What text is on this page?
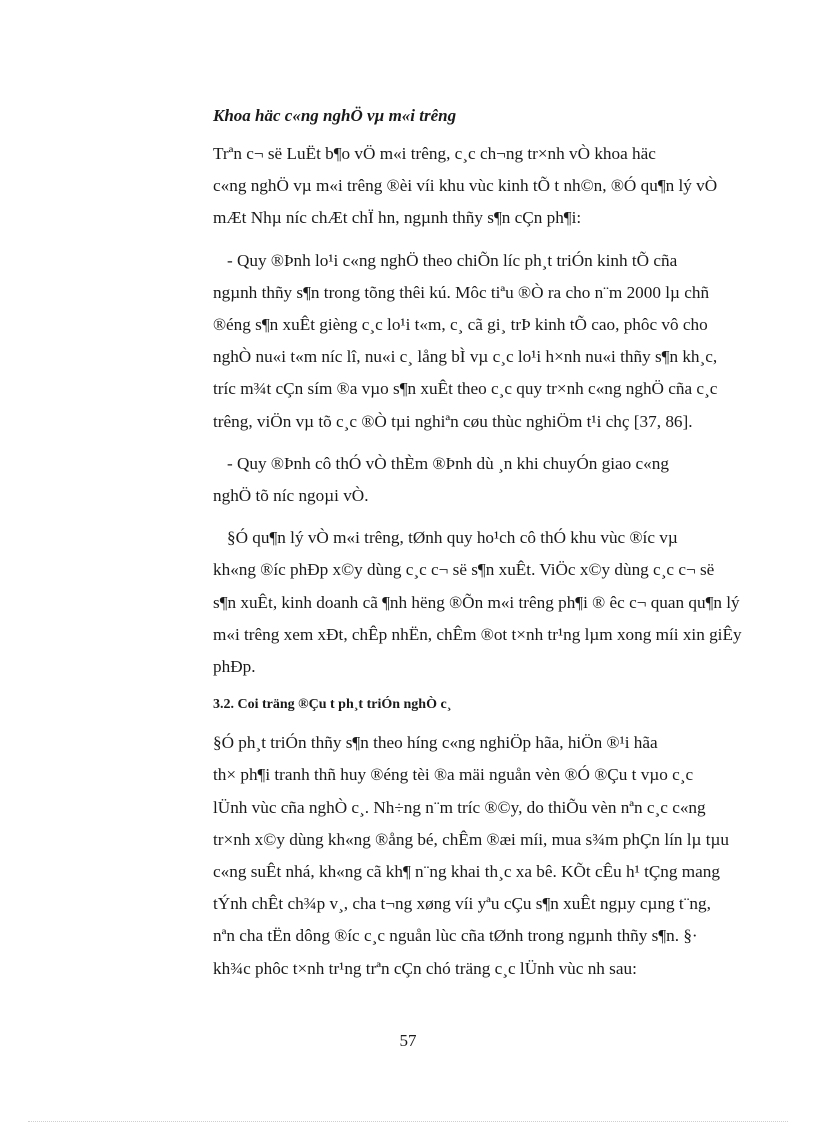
Khoa häc c«ng nghÖ vµ m«i trêng

Trªn c¬ së LuËt b¶o vÖ m«i trêng, c¸c ch¬ng tr×nh vÒ khoa häc
c«ng nghÖ vµ m«i trêng ®èi víi khu vùc kinh tÕ t nh©n, ®Ó qu¶n lý vÒ
mÆt Nhµ níc chÆt chÏ hn, ngµnh thñy s¶n cÇn ph¶i:

- Quy ®Þnh lo¹i c«ng nghÖ theo chiÕn líc ph¸t triÓn kinh tÕ cña
ngµnh thñy s¶n trong tõng thêi kú. Môc tiªu ®Ò ra cho n¨m 2000 lµ chñ
®éng s¶n xuÊt gièng c¸c lo¹i t«m, c¸ cã gi¸ trÞ kinh tÕ cao, phôc vô cho
nghÒ nu«i t«m níc lî, nu«i c¸ lång bÌ vµ c¸c lo¹i h×nh nu«i thñy s¶n kh¸c,
tríc m¾t cÇn sím ®a vµo s¶n xuÊt theo c¸c quy tr×nh c«ng nghÖ cña c¸c
trêng, viÖn vµ tõ c¸c ®Ò tµi nghiªn cøu thùc nghiÖm t¹i chç [37, 86].

- Quy ®Þnh cô thÓ vÒ thÈm ®Þnh dù ¸n khi chuyÓn giao c«ng
nghÖ tõ níc ngoµi vÒ.

§Ó qu¶n lý vÒ m«i trêng, tØnh quy ho¹ch cô thÓ khu vùc ®íc vµ
kh«ng ®íc phÐp x©y dùng c¸c c¬ së s¶n xuÊt. ViÖc x©y dùng c¸c c¬ së
s¶n xuÊt, kinh doanh cã ¶nh hëng ®Õn m«i trêng ph¶i ® êc c¬ quan qu¶n lý
m«i trêng xem xÐt, chÊp nhËn, chÊm ®ot t×nh tr¹ng lµm xong míi xin giÊy
phÐp.

3.2. Coi träng ®Çu t ph¸t triÓn nghÒ c¸

§Ó ph¸t triÓn thñy s¶n theo híng c«ng nghiÖp hãa, hiÖn ®¹i hãa
th× ph¶i tranh thñ huy ®éng tèi ®a mäi nguån vèn ®Ó ®Çu t vµo c¸c
lÜnh vùc cña nghÒ c¸. Nh÷ng n¨m tríc ®©y, do thiÕu vèn nªn c¸c c«ng
tr×nh x©y dùng kh«ng ®ång bé, chÊm ®æi míi, mua s¾m phÇn lín lµ tµu
c«ng suÊt nhá, kh«ng cã kh¶ n¨ng khai th¸c xa bê. KÕt cÊu h¹ tÇng mang
tÝnh chÊt ch¾p v¸, cha t¬ng xøng víi yªu cÇu s¶n xuÊt ngµy cµng t¨ng,
nªn cha tËn dông ®íc c¸c nguån lùc cña tØnh trong ngµnh thñy s¶n. §·
kh¾c phôc t×nh tr¹ng trªn cÇn chó träng c¸c lÜnh vùc nh sau:

57
